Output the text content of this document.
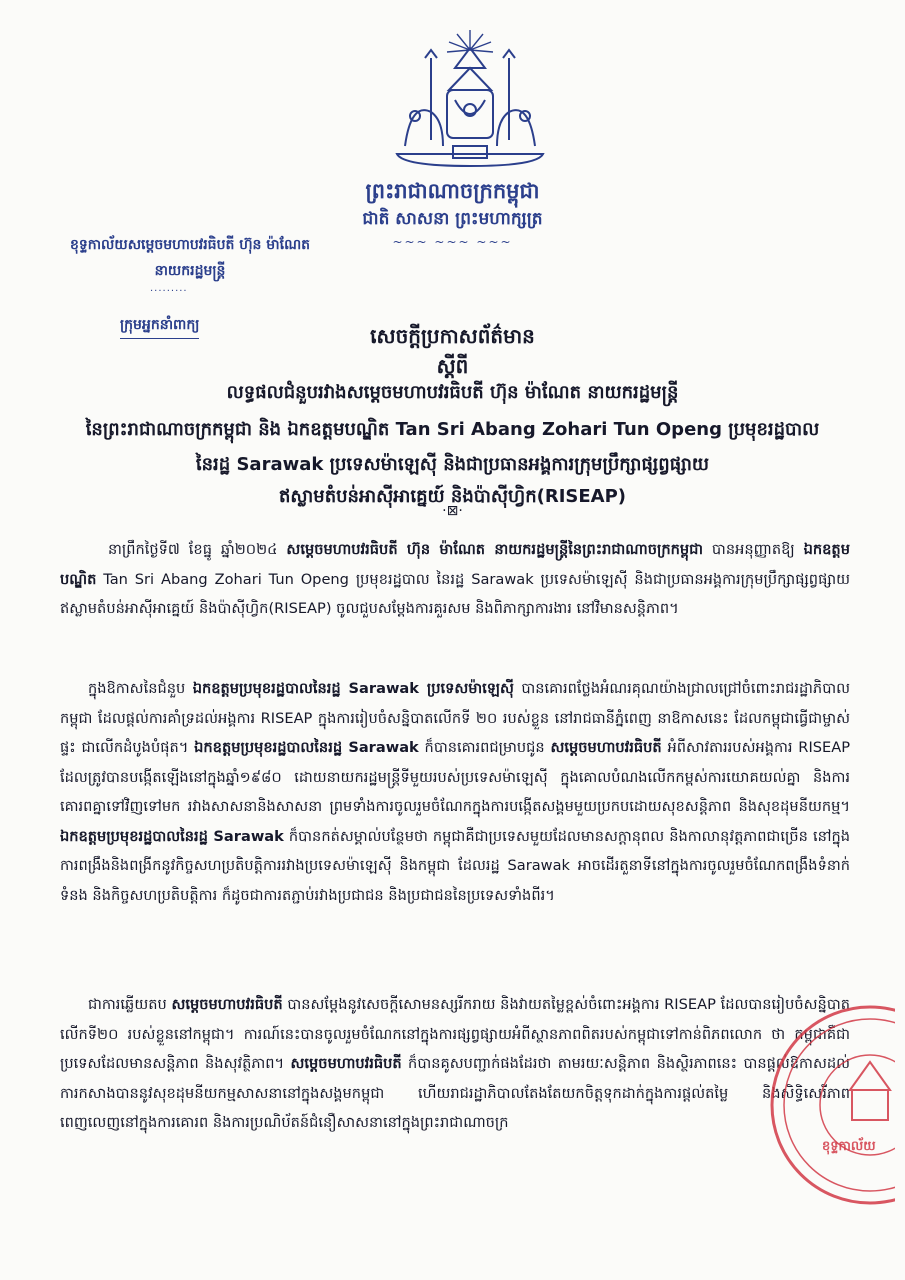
ព្រះរាជាណាចក្រកម្ពុជា
ជាតិ សាសនា ព្រះមហាក្សត្រ
~~~ ~~~ ~~~
ខុទ្ទកាល័យសម្តេចមហាបវរធិបតី ហ៊ុន ម៉ាណែត
នាយករដ្ឋមន្ត្រី
·········
ក្រុមអ្នកនាំពាក្យ	សេចក្តីប្រកាសព័ត៌មាន
ស្តីពី
លទ្ធផលជំនួបរវាងសម្តេចមហាបវរធិបតី ហ៊ុន ម៉ាណែត នាយករដ្ឋមន្ត្រី
នៃព្រះរាជាណាចក្រកម្ពុជា និង ឯកឧត្តមបណ្ឌិត Tan Sri Abang Zohari Tun Openg ប្រមុខរដ្ឋបាល
នៃរដ្ឋ Sarawak ប្រទេសម៉ាឡេស៊ី និងជាប្រធានអង្គការក្រុមប្រឹក្សាផ្សព្វផ្សាយ
ឥស្លាមតំបន់អាស៊ីអាគ្នេយ៍ និងប៉ាស៊ីហ្វិក(RISEAP)
·⊠·
នាព្រឹកថ្ងៃទី៧ ខែធ្នូ ឆ្នាំ២០២៤ សម្តេចមហាបវរធិបតី ហ៊ុន ម៉ាណែត នាយករដ្ឋមន្ត្រីនៃព្រះរាជាណាចក្រកម្ពុជា បានអនុញ្ញាតឱ្យ ឯកឧត្តមបណ្ឌិត Tan Sri Abang Zohari Tun Openg ប្រមុខរដ្ឋបាល នៃរដ្ឋ Sarawak ប្រទេសម៉ាឡេស៊ី និងជាប្រធានអង្គការក្រុមប្រឹក្សាផ្សព្វផ្សាយឥស្លាមតំបន់អាស៊ីអាគ្នេយ៍ និងប៉ាស៊ីហ្វិក(RISEAP) ចូលជួបសម្តែងការគួរសម និងពិភាក្សាការងារ នៅវិមានសន្តិភាព។
ក្នុងឱកាសនៃជំនួប ឯកឧត្តមប្រមុខរដ្ឋបាលនៃរដ្ឋ Sarawak ប្រទេសម៉ាឡេស៊ី បានគោរពថ្លែងអំណរគុណយ៉ាងជ្រាលជ្រៅចំពោះរាជរដ្ឋាភិបាលកម្ពុជា ដែលផ្តល់ការគាំទ្រដល់អង្គការ RISEAP ក្នុងការរៀបចំសន្និបាតលើកទី ២០ របស់ខ្លួន នៅរាជធានីភ្នំពេញ នាឱកាសនេះ ដែលកម្ពុជាធ្វើជាម្ចាស់ផ្ទះ ជាលើកដំបូងបំផុត។ ឯកឧត្តមប្រមុខរដ្ឋបាលនៃរដ្ឋ Sarawak ក៏បានគោរពជម្រាបជូន សម្តេចមហាបវរធិបតី អំពីសាវតាររបស់អង្គការ RISEAP ដែលត្រូវបានបង្កើតឡើងនៅក្នុងឆ្នាំ១៩៨០ ដោយនាយករដ្ឋមន្ត្រីទីមួយរបស់ប្រទេសម៉ាឡេស៊ី ក្នុងគោលបំណងលើកកម្ពស់ការយោគយល់គ្នា និងការគោរពគ្នាទៅវិញទៅមក រវាងសាសនានិងសាសនា ព្រមទាំងការចូលរួមចំណែកក្នុងការបង្កើតសង្គមមួយប្រកបដោយសុខសន្តិភាព និងសុខដុមនីយកម្ម។ ឯកឧត្តមប្រមុខរដ្ឋបាលនៃរដ្ឋ Sarawak ក៏បានកត់សម្គាល់បន្ថែមថា កម្ពុជាគឺជាប្រទេសមួយដែលមានសក្តានុពល និងកាលានុវត្តភាពជាច្រើន នៅក្នុងការពង្រឹងនិងពង្រីកនូវកិច្ចសហប្រតិបត្តិការរវាងប្រទេសម៉ាឡេស៊ី និងកម្ពុជា ដែលរដ្ឋ Sarawak អាចដើរតួនាទីនៅក្នុងការចូលរួមចំណែកពង្រឹងទំនាក់ទំនង និងកិច្ចសហប្រតិបត្តិការ ក៏ដូចជាការតភ្ជាប់រវាងប្រជាជន និងប្រជាជននៃប្រទេសទាំងពីរ។
ជាការឆ្លើយតប សម្តេចមហាបវរធិបតី បានសម្តែងនូវសេចក្តីសោមនស្សរីករាយ និងវាយតម្លៃខ្ពស់ចំពោះអង្គការ RISEAP ដែលបានរៀបចំសន្និបាតលើកទី២០ របស់ខ្លួននៅកម្ពុជា។ ការណ៍នេះបានចូលរួមចំណែកនៅក្នុងការផ្សព្វផ្សាយអំពីស្ថានភាពពិតរបស់កម្ពុជាទៅកាន់ពិភពលោក ថា កម្ពុជាគឺជាប្រទេសដែលមានសន្តិភាព និងសុវត្ថិភាព។ សម្តេចមហាបវរធិបតី ក៏បានគូសបញ្ជាក់ផងដែរថា តាមរយៈសន្តិភាព និងស្ថិរភាពនេះ បានផ្តល់ឱកាសដល់ការកសាងបាននូវសុខដុមនីយកម្មសាសនានៅក្នុងសង្គមកម្ពុជា ហើយរាជរដ្ឋាភិបាលតែងតែយកចិត្តទុកដាក់ក្នុងការផ្តល់តម្លៃ និងសិទ្ធិសេរីភាពពេញលេញនៅក្នុងការគោរព និងការប្រណិប័តន៍ជំនឿសាសនានៅក្នុងព្រះរាជាណាចក្រ
ខុទ្ទកាល័យ
